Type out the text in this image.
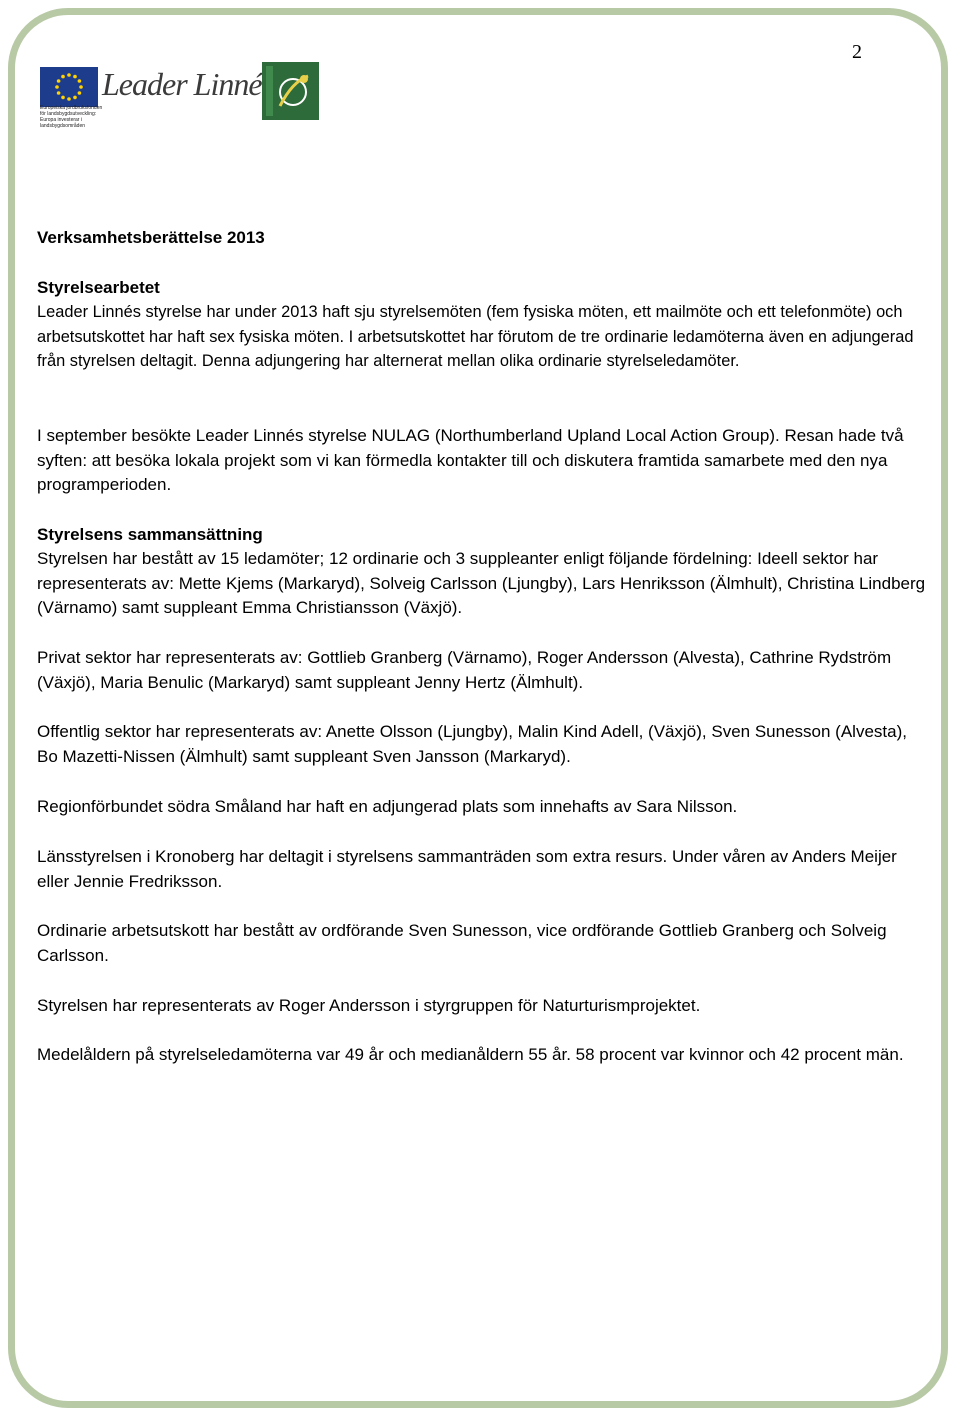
2
Europeiska jordbruksfonden för landsbygdsutveckling: Europa investerar i landsbygdsområden
Leader Linné
Verksamhetsberättelse 2013
Styrelsearbetet
Leader Linnés styrelse har under 2013 haft sju styrelsemöten (fem fysiska möten, ett mailmöte och ett telefonmöte) och arbetsutskottet har haft sex fysiska möten. I arbetsutskottet har förutom de tre ordinarie ledamöterna även en adjungerad från styrelsen deltagit. Denna adjungering har alternerat mellan olika ordinarie styrelseledamöter.
I september besökte Leader Linnés styrelse NULAG (Northumberland Upland Local Action Group). Resan hade två syften: att besöka lokala projekt som vi kan förmedla kontakter till och diskutera framtida samarbete med den nya programperioden.
Styrelsens sammansättning
Styrelsen har bestått av 15 ledamöter; 12 ordinarie och 3 suppleanter enligt följande fördelning: Ideell sektor har representerats av: Mette Kjems (Markaryd), Solveig Carlsson (Ljungby), Lars Henriksson (Älmhult), Christina Lindberg (Värnamo) samt suppleant Emma Christiansson (Växjö).
Privat sektor har representerats av: Gottlieb Granberg (Värnamo), Roger Andersson (Alvesta), Cathrine Rydström (Växjö), Maria Benulic (Markaryd) samt suppleant Jenny Hertz (Älmhult).
Offentlig sektor har representerats av: Anette Olsson (Ljungby), Malin Kind Adell, (Växjö), Sven Sunesson (Alvesta), Bo Mazetti-Nissen (Älmhult) samt suppleant Sven Jansson (Markaryd).
Regionförbundet södra Småland har haft en adjungerad plats som innehafts av Sara Nilsson.
Länsstyrelsen i Kronoberg har deltagit i styrelsens sammanträden som extra resurs. Under våren av Anders Meijer eller Jennie Fredriksson.
Ordinarie arbetsutskott har bestått av ordförande Sven Sunesson, vice ordförande Gottlieb Granberg och Solveig Carlsson.
Styrelsen har representerats av Roger Andersson i styrgruppen för Naturturismprojektet.
Medelåldern på styrelseledamöterna var 49 år och medianåldern 55 år. 58 procent var kvinnor och 42 procent män.
